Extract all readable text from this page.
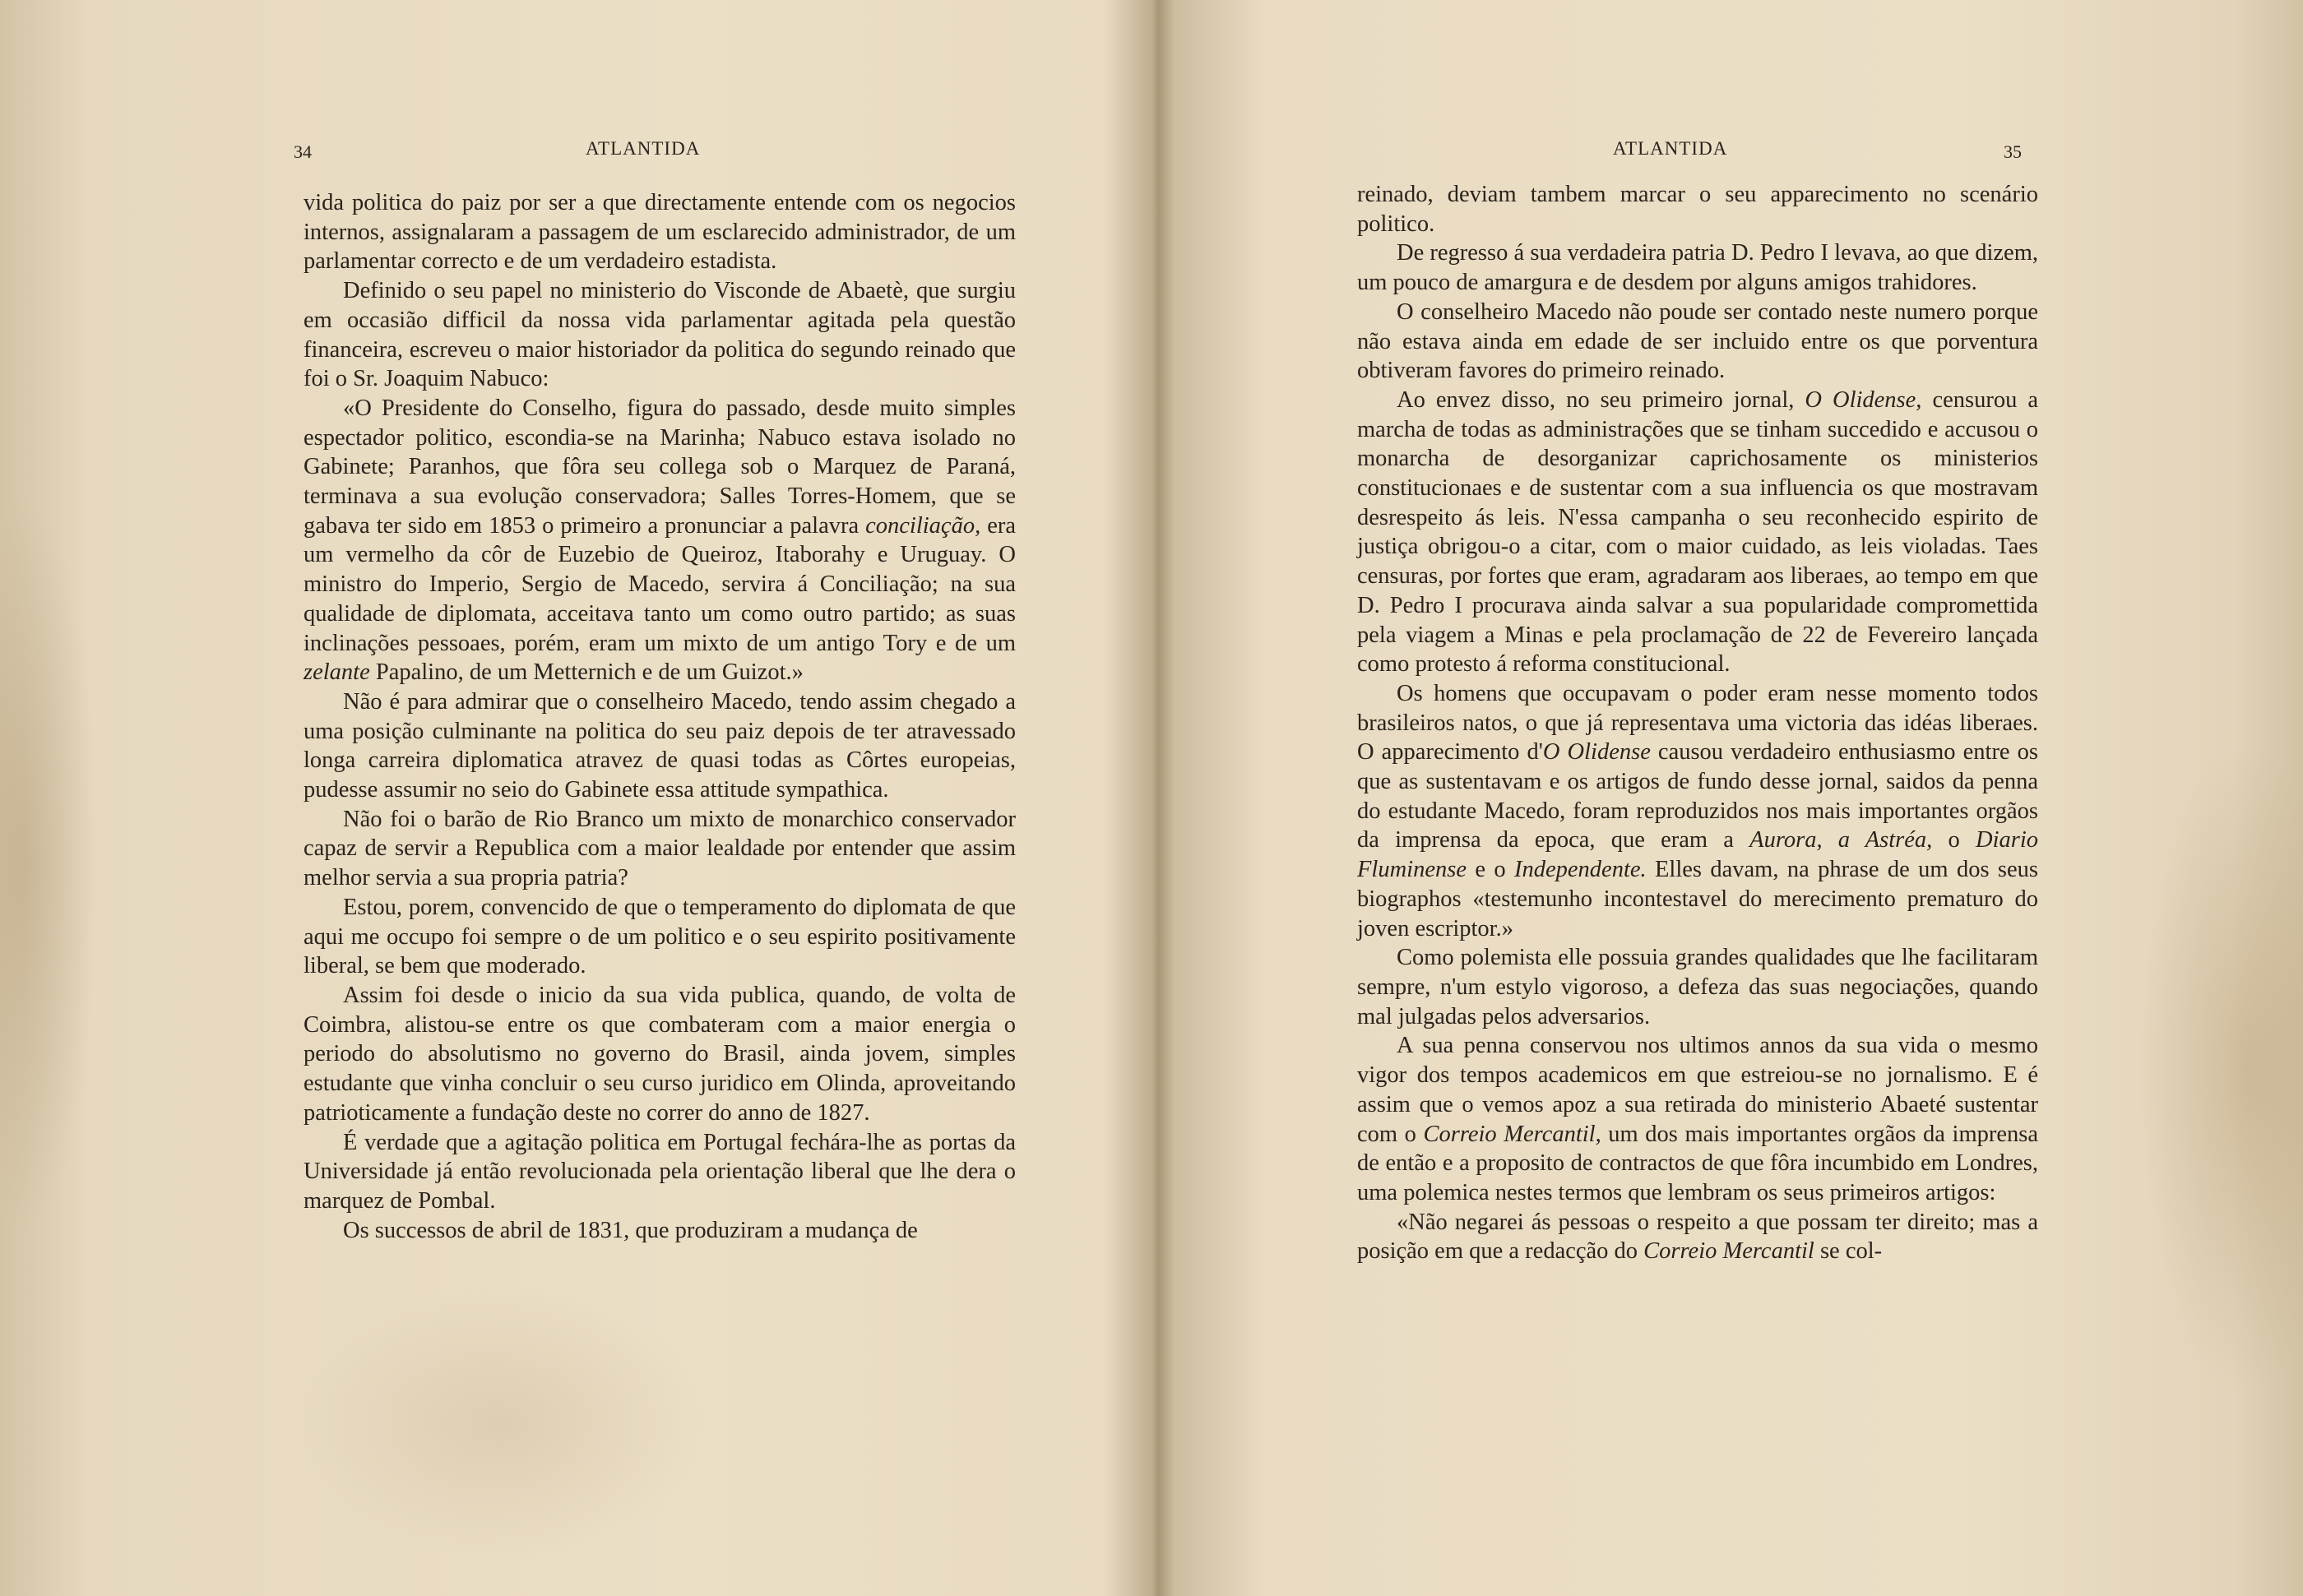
34	ATLANTIDA

vida politica do paiz por ser a que directamente entende com os negocios internos, assignalaram a passagem de um esclarecido administrador, de um parlamentar correcto e de um verdadeiro estadista.

Definido o seu papel no ministerio do Visconde de Abaetè, que surgiu em occasião difficil da nossa vida parlamentar agitada pela questão financeira, escreveu o maior historiador da politica do segundo reinado que foi o Sr. Joaquim Nabuco:

«O Presidente do Conselho, figura do passado, desde muito simples espectador politico, escondia-se na Marinha; Nabuco estava isolado no Gabinete; Paranhos, que fôra seu collega sob o Marquez de Paraná, terminava a sua evolução conservadora; Salles Torres-Homem, que se gabava ter sido em 1853 o primeiro a pronunciar a palavra conciliação, era um vermelho da côr de Euzebio de Queiroz, Itaborahy e Uruguay. O ministro do Imperio, Sergio de Macedo, servira á Conciliação; na sua qualidade de diplomata, acceitava tanto um como outro partido; as suas inclinações pessoaes, porém, eram um mixto de um antigo Tory e de um zelante Papalino, de um Metternich e de um Guizot.»

Não é para admirar que o conselheiro Macedo, tendo assim chegado a uma posição culminante na politica do seu paiz depois de ter atravessado longa carreira diplomatica atravez de quasi todas as Côrtes europeias, pudesse assumir no seio do Gabinete essa attitude sympathica.

Não foi o barão de Rio Branco um mixto de monarchico conservador capaz de servir a Republica com a maior lealdade por entender que assim melhor servia a sua propria patria?

Estou, porem, convencido de que o temperamento do diplomata de que aqui me occupo foi sempre o de um politico e o seu espirito positivamente liberal, se bem que moderado.

Assim foi desde o inicio da sua vida publica, quando, de volta de Coimbra, alistou-se entre os que combateram com a maior energia o periodo do absolutismo no governo do Brasil, ainda jovem, simples estudante que vinha concluir o seu curso juridico em Olinda, aproveitando patrioticamente a fundação deste no correr do anno de 1827.

É verdade que a agitação politica em Portugal fechára-lhe as portas da Universidade já então revolucionada pela orientação liberal que lhe dera o marquez de Pombal.

Os successos de abril de 1831, que produziram a mudança de

ATLANTIDA	35

reinado, deviam tambem marcar o seu apparecimento no scenário politico.

De regresso á sua verdadeira patria D. Pedro I levava, ao que dizem, um pouco de amargura e de desdem por alguns amigos trahidores.

O conselheiro Macedo não poude ser contado neste numero porque não estava ainda em edade de ser incluido entre os que porventura obtiveram favores do primeiro reinado.

Ao envez disso, no seu primeiro jornal, O Olidense, censurou a marcha de todas as administrações que se tinham succedido e accusou o monarcha de desorganizar caprichosamente os ministerios constitucionaes e de sustentar com a sua influencia os que mostravam desrespeito ás leis. N'essa campanha o seu reconhecido espirito de justiça obrigou-o a citar, com o maior cuidado, as leis violadas. Taes censuras, por fortes que eram, agradaram aos liberaes, ao tempo em que D. Pedro I procurava ainda salvar a sua popularidade compromettida pela viagem a Minas e pela proclamação de 22 de Fevereiro lançada como protesto á reforma constitucional.

Os homens que occupavam o poder eram nesse momento todos brasileiros natos, o que já representava uma victoria das idéas liberaes. O apparecimento d'O Olidense causou verdadeiro enthusiasmo entre os que as sustentavam e os artigos de fundo desse jornal, saidos da penna do estudante Macedo, foram reproduzidos nos mais importantes orgãos da imprensa da epoca, que eram a Aurora, a Astréa, o Diario Fluminense e o Independente. Elles davam, na phrase de um dos seus biographos «testemunho incontestavel do merecimento prematuro do joven escriptor.»

Como polemista elle possuia grandes qualidades que lhe facilitaram sempre, n'um estylo vigoroso, a defeza das suas negociações, quando mal julgadas pelos adversarios.

A sua penna conservou nos ultimos annos da sua vida o mesmo vigor dos tempos academicos em que estreiou-se no jornalismo. E é assim que o vemos apoz a sua retirada do ministerio Abaeté sustentar com o Correio Mercantil, um dos mais importantes orgãos da imprensa de então e a proposito de contractos de que fôra incumbido em Londres, uma polemica nestes termos que lembram os seus primeiros artigos:

«Não negarei ás pessoas o respeito a que possam ter direito; mas a posição em que a redacção do Correio Mercantil se col-
